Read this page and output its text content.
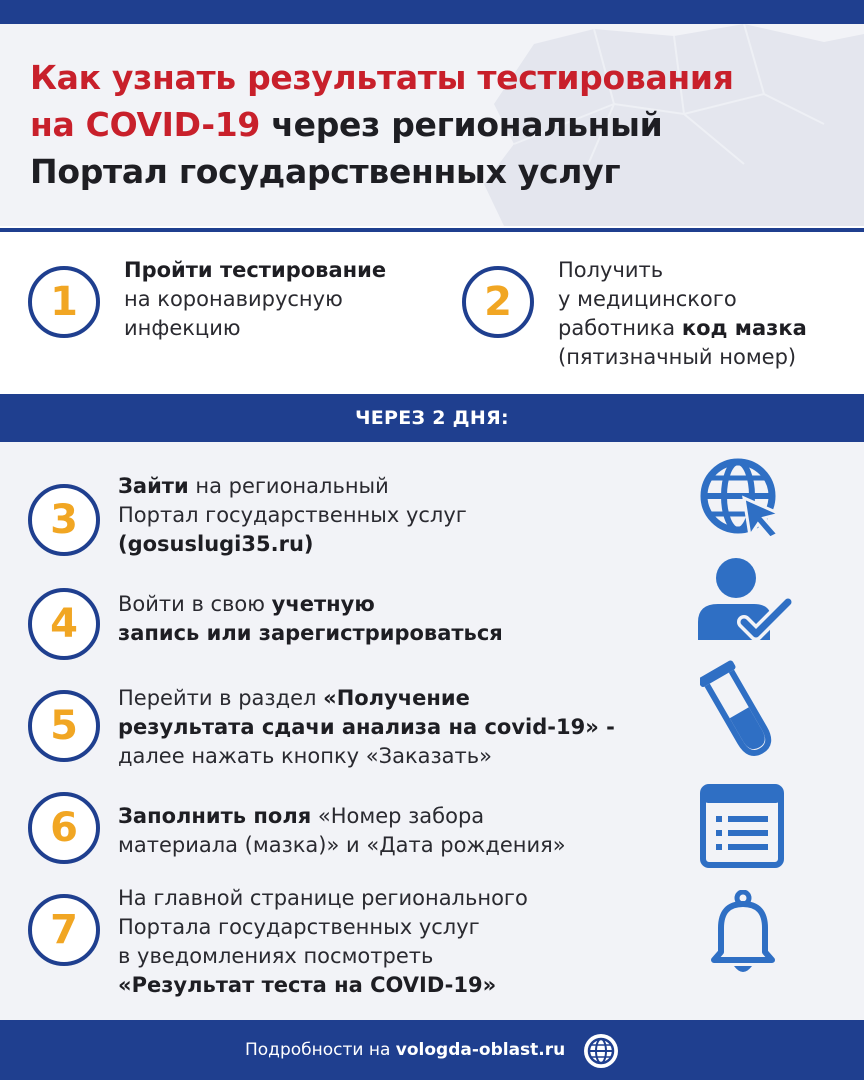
Как узнать результаты тестирования
на COVID-19 через региональный
Портал государственных услуг
1
Пройти тестирование
на коронавирусную
инфекцию
2
Получить
у медицинского
работника код мазка
(пятизначный номер)
ЧЕРЕЗ 2 ДНЯ:
3
Зайти на региональный
Портал государственных услуг
(gosuslugi35.ru)
4	Войти в свою учетную
запись или зарегистрироваться
5
Перейти в раздел «Получение
результата сдачи анализа на covid-19» -
далее нажать кнопку «Заказать»
6	Заполнить поля «Номер забора
материала (мазка)» и «Дата рождения»
7
На главной странице регионального
Портала государственных услуг
в уведомлениях посмотреть
«Результат теста на COVID-19»
Подробности на vologda-oblast.ru
